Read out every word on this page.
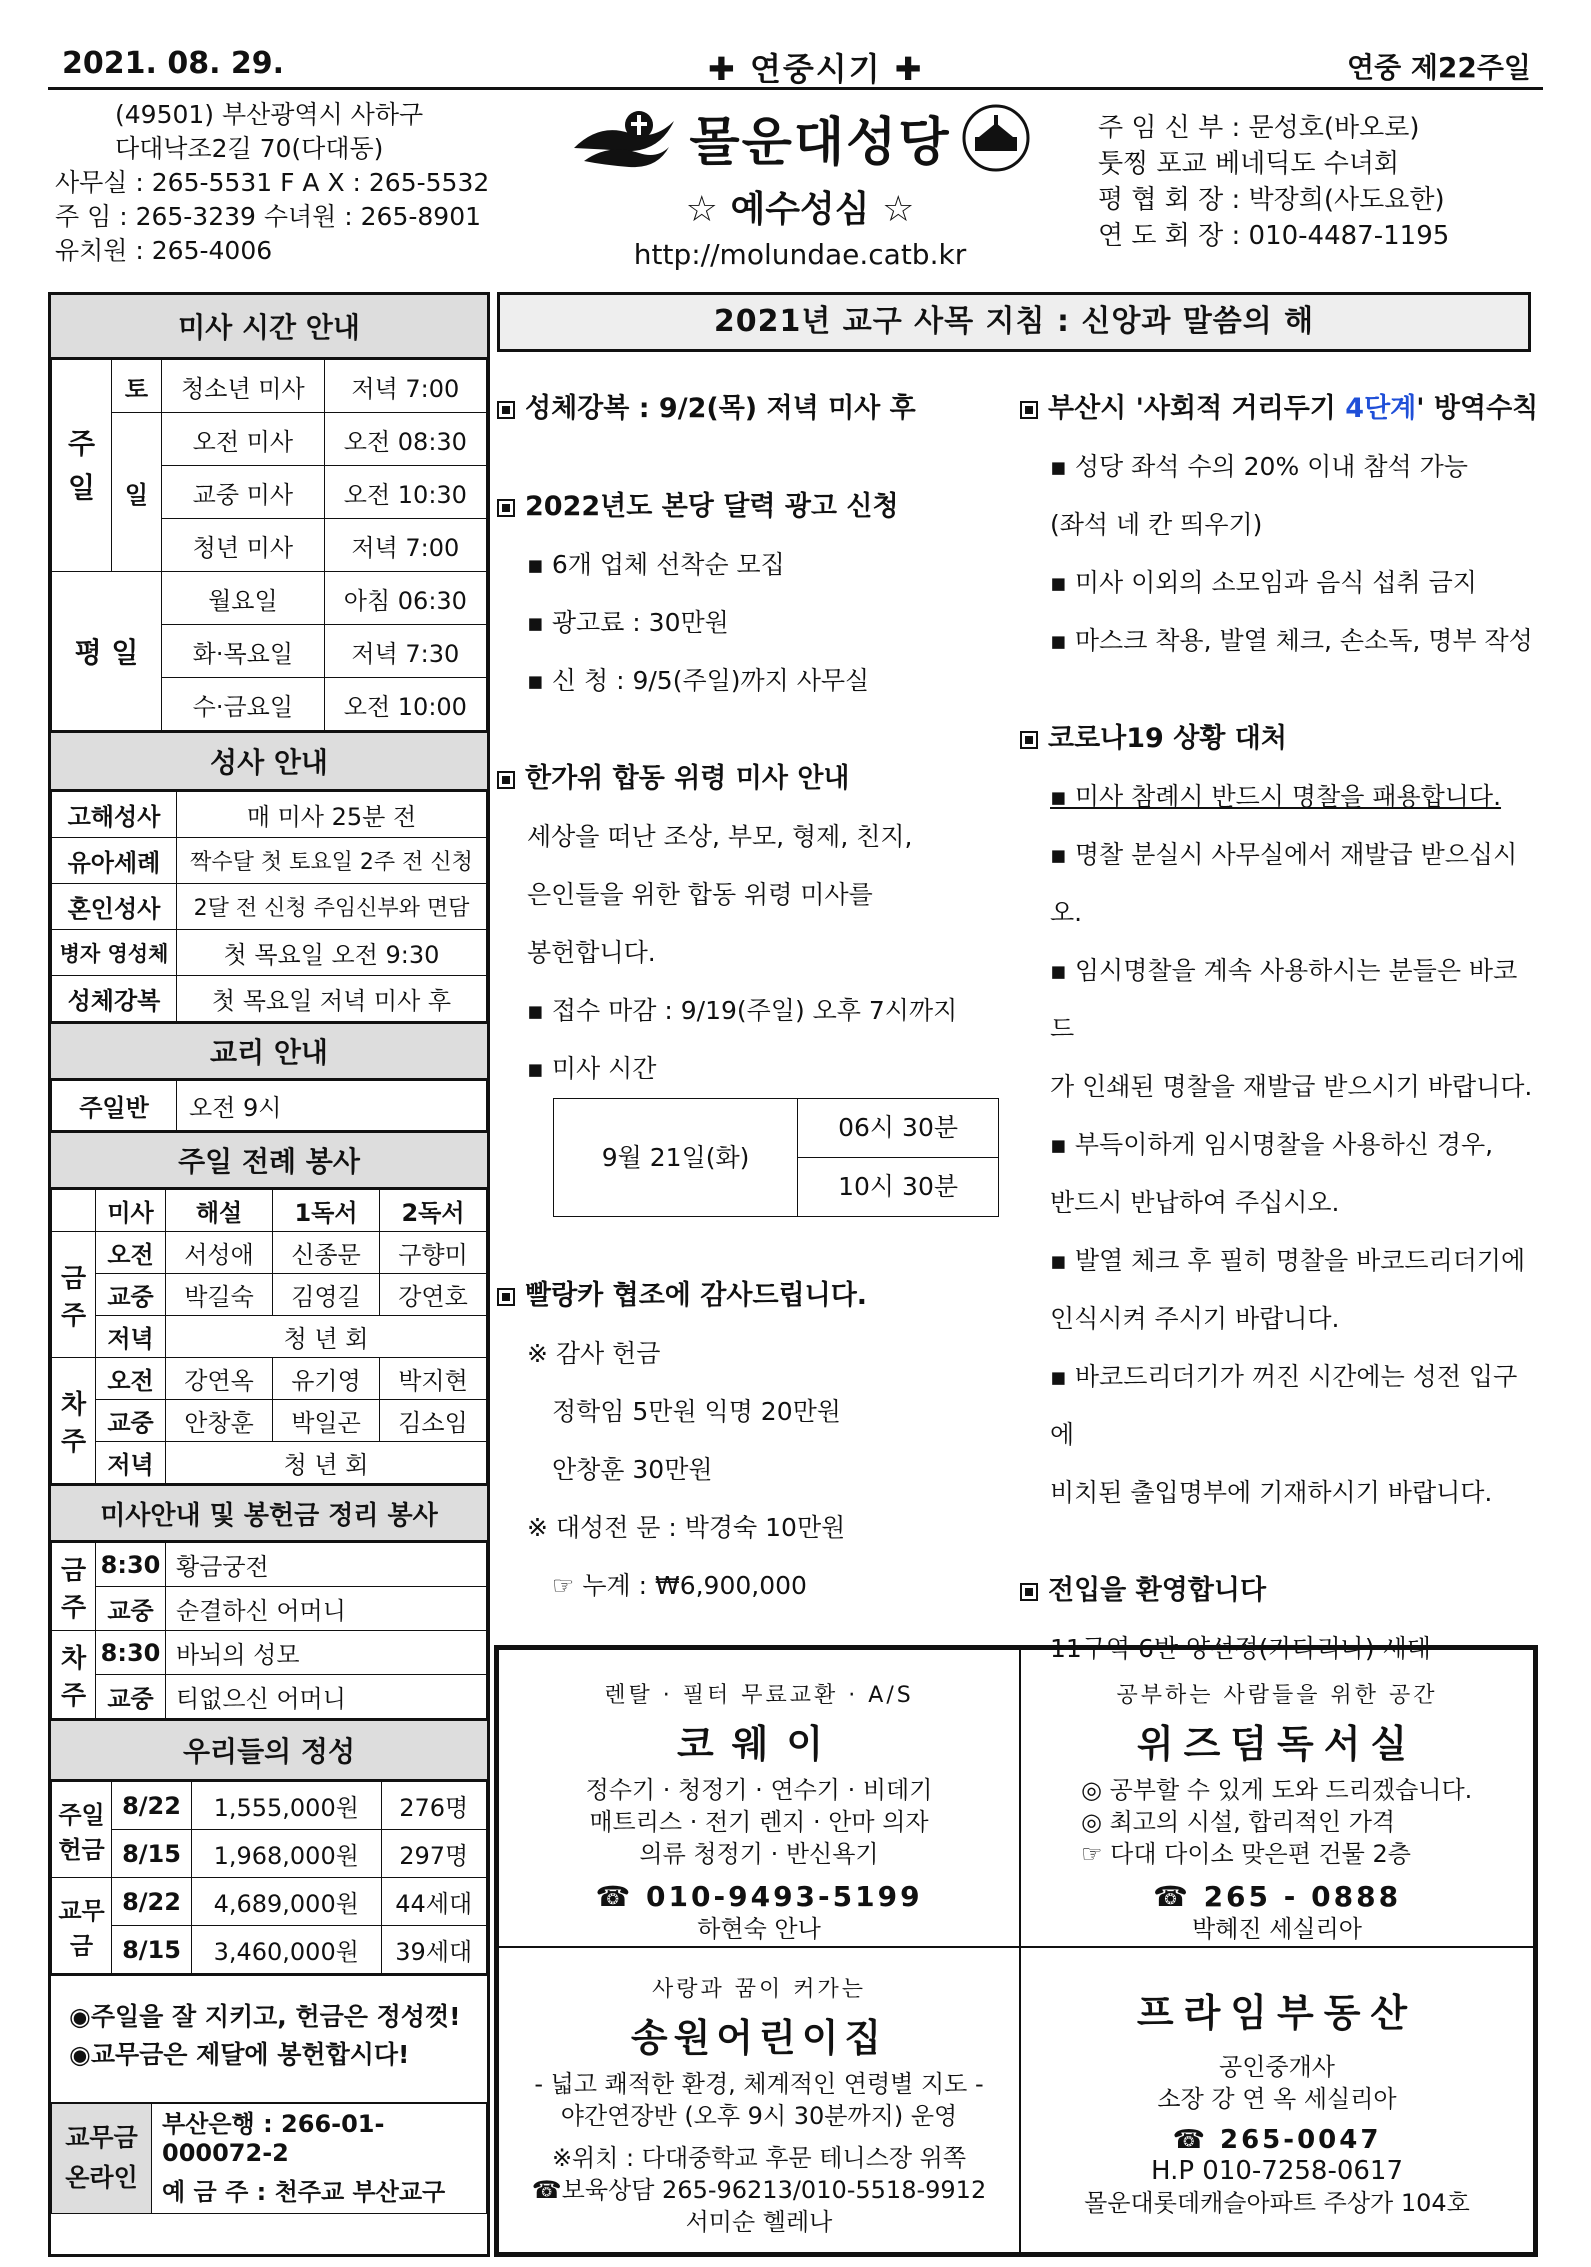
2021. 08. 29.	✚ 연중시기 ✚	연중 제22주일
(49501) 부산광역시 사하구
다대낙조2길 70(다대동)
사무실 : 265-5531 F A X : 265-5532
주 임 : 265-3239 수녀원 : 265-8901
유치원 : 265-4006
몰운대성당
☆ 예수성심 ☆
http://molundae.catb.kr
주 임 신 부 : 문성호(바오로)
툿찡 포교 베네딕도 수녀회
평 협 회 장 : 박장희(사도요한)
연 도 회 장 : 010-4487-1195
미사 시간 안내
주
일	토	청소년 미사	저녁 7:00
	일	오전 미사	오전 08:30
		교중 미사	오전 10:30
		청년 미사	저녁 7:00
평 일		월요일	아침 06:30
		화·목요일	저녁 7:30
		수·금요일	오전 10:00
성사 안내
고해성사	매 미사 25분 전
유아세례	짝수달 첫 토요일 2주 전 신청
혼인성사	2달 전 신청 주임신부와 면담
병자 영성체	첫 목요일 오전 9:30
성체강복	첫 목요일 저녁 미사 후
교리 안내
주일반	오전 9시
주일 전례 봉사
	미사	해설	1독서	2독서
금주	오전	서성애	신종문	구향미
	교중	박길숙	김영길	강연호
	저녁	청 년 회		
차주	오전	강연옥	유기영	박지현
	교중	안창훈	박일곤	김소임
	저녁	청 년 회		
미사안내 및 봉헌금 정리 봉사
금주	8:30	황금궁전
	교중	순결하신 어머니
차주	8:30	바뇌의 성모
	교중	티없으신 어머니
우리들의 정성
주일헌금	8/22	1,555,000원	276명
	8/15	1,968,000원	297명
교무금	8/22	4,689,000원	44세대
	8/15	3,460,000원	39세대
◉주일을 잘 지키고, 헌금은 정성껏!
◉교무금은 제달에 봉헌합시다!
교무금
온라인	부산은행 : 266-01-000072-2
예 금 주 : 천주교 부산교구
2021년 교구 사목 지침 : 신앙과 말씀의 해
성체강복 : 9/2(목) 저녁 미사 후
2022년도 본당 달력 광고 신청
▪ 6개 업체 선착순 모집
▪ 광고료 : 30만원
▪ 신 청 : 9/5(주일)까지 사무실
한가위 합동 위령 미사 안내
세상을 떠난 조상, 부모, 형제, 친지,
은인들을 위한 합동 위령 미사를
봉헌합니다.
▪ 접수 마감 : 9/19(주일) 오후 7시까지
▪ 미사 시간
9월 21일(화)	06시 30분
10시 30분
빨랑카 협조에 감사드립니다.
※ 감사 헌금
정학임 5만원 익명 20만원
안창훈 30만원
※ 대성전 문 : 박경숙 10만원
☞ 누계 : ₩6,900,000
부산시 '사회적 거리두기 4단계' 방역수칙
▪ 성당 좌석 수의 20% 이내 참석 가능
(좌석 네 칸 띄우기)
▪ 미사 이외의 소모임과 음식 섭취 금지
▪ 마스크 착용, 발열 체크, 손소독, 명부 작성
코로나19 상황 대처
▪ 미사 참례시 반드시 명찰을 패용합니다.
▪ 명찰 분실시 사무실에서 재발급 받으십시오.
▪ 임시명찰을 계속 사용하시는 분들은 바코드
가 인쇄된 명찰을 재발급 받으시기 바랍니다.
▪ 부득이하게 임시명찰을 사용하신 경우,
반드시 반납하여 주십시오.
▪ 발열 체크 후 필히 명찰을 바코드리더기에
인식시켜 주시기 바랍니다.
▪ 바코드리더기가 꺼진 시간에는 성전 입구에
비치된 출입명부에 기재하시기 바랍니다.
전입을 환영합니다
11구역 6반 양선정(카타리나) 세대
렌탈 · 필터 무료교환 · A/S
코웨이
정수기 · 청정기 · 연수기 · 비데기
매트리스 · 전기 렌지 · 안마 의자
의류 청정기 · 반신욕기
☎ 010-9493-5199
하현숙 안나
공부하는 사람들을 위한 공간
위즈덤독서실
◎ 공부할 수 있게 도와 드리겠습니다.
◎ 최고의 시설, 합리적인 가격
☞ 다대 다이소 맞은편 건물 2층
☎ 265 - 0888
박혜진 세실리아
사랑과 꿈이 커가는
송원어린이집
- 넓고 쾌적한 환경, 체계적인 연령별 지도 -
야간연장반 (오후 9시 30분까지) 운영
※위치 : 다대중학교 후문 테니스장 위쪽
☎보육상담 265-96213/010-5518-9912
서미순 헬레나
프라임부동산
공인중개사
소장 강 연 옥 세실리아
☎ 265-0047
H.P 010-7258-0617
몰운대롯데캐슬아파트 주상가 104호
